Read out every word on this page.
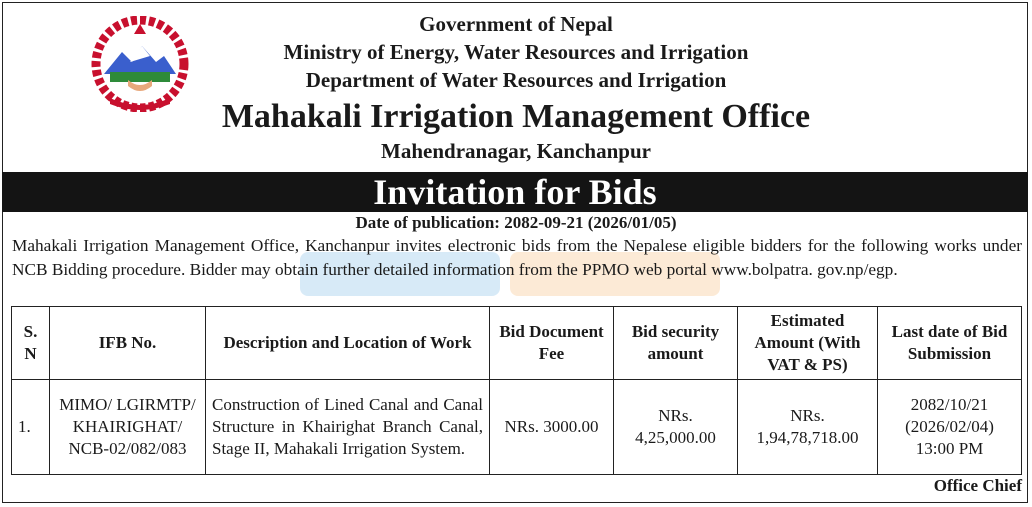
Government of Nepal
Ministry of Energy, Water Resources and Irrigation
Department of Water Resources and Irrigation
Mahakali Irrigation Management Office
Mahendranagar, Kanchanpur
Invitation for Bids
Date of publication: 2082-09-21 (2026/01/05)
Mahakali Irrigation Management Office, Kanchanpur invites electronic bids from the Nepalese eligible bidders for the following works under NCB Bidding procedure. Bidder may obtain further detailed information from the PPMO web portal www.bolpatra. gov.np/egp.
S. N	IFB No.	Description and Location of Work	Bid Document Fee	Bid security amount	Estimated Amount (With VAT & PS)	Last date of Bid Submission
1.	MIMO/ LGIRMTP/ KHAIRIGHAT/ NCB-02/082/083	Construction of Lined Canal and Canal Structure in Khairighat Branch Canal, Stage II, Mahakali Irrigation System.	NRs. 3000.00	NRs. 4,25,000.00	NRs. 1,94,78,718.00	2082/10/21 (2026/02/04) 13:00 PM
Office Chief
